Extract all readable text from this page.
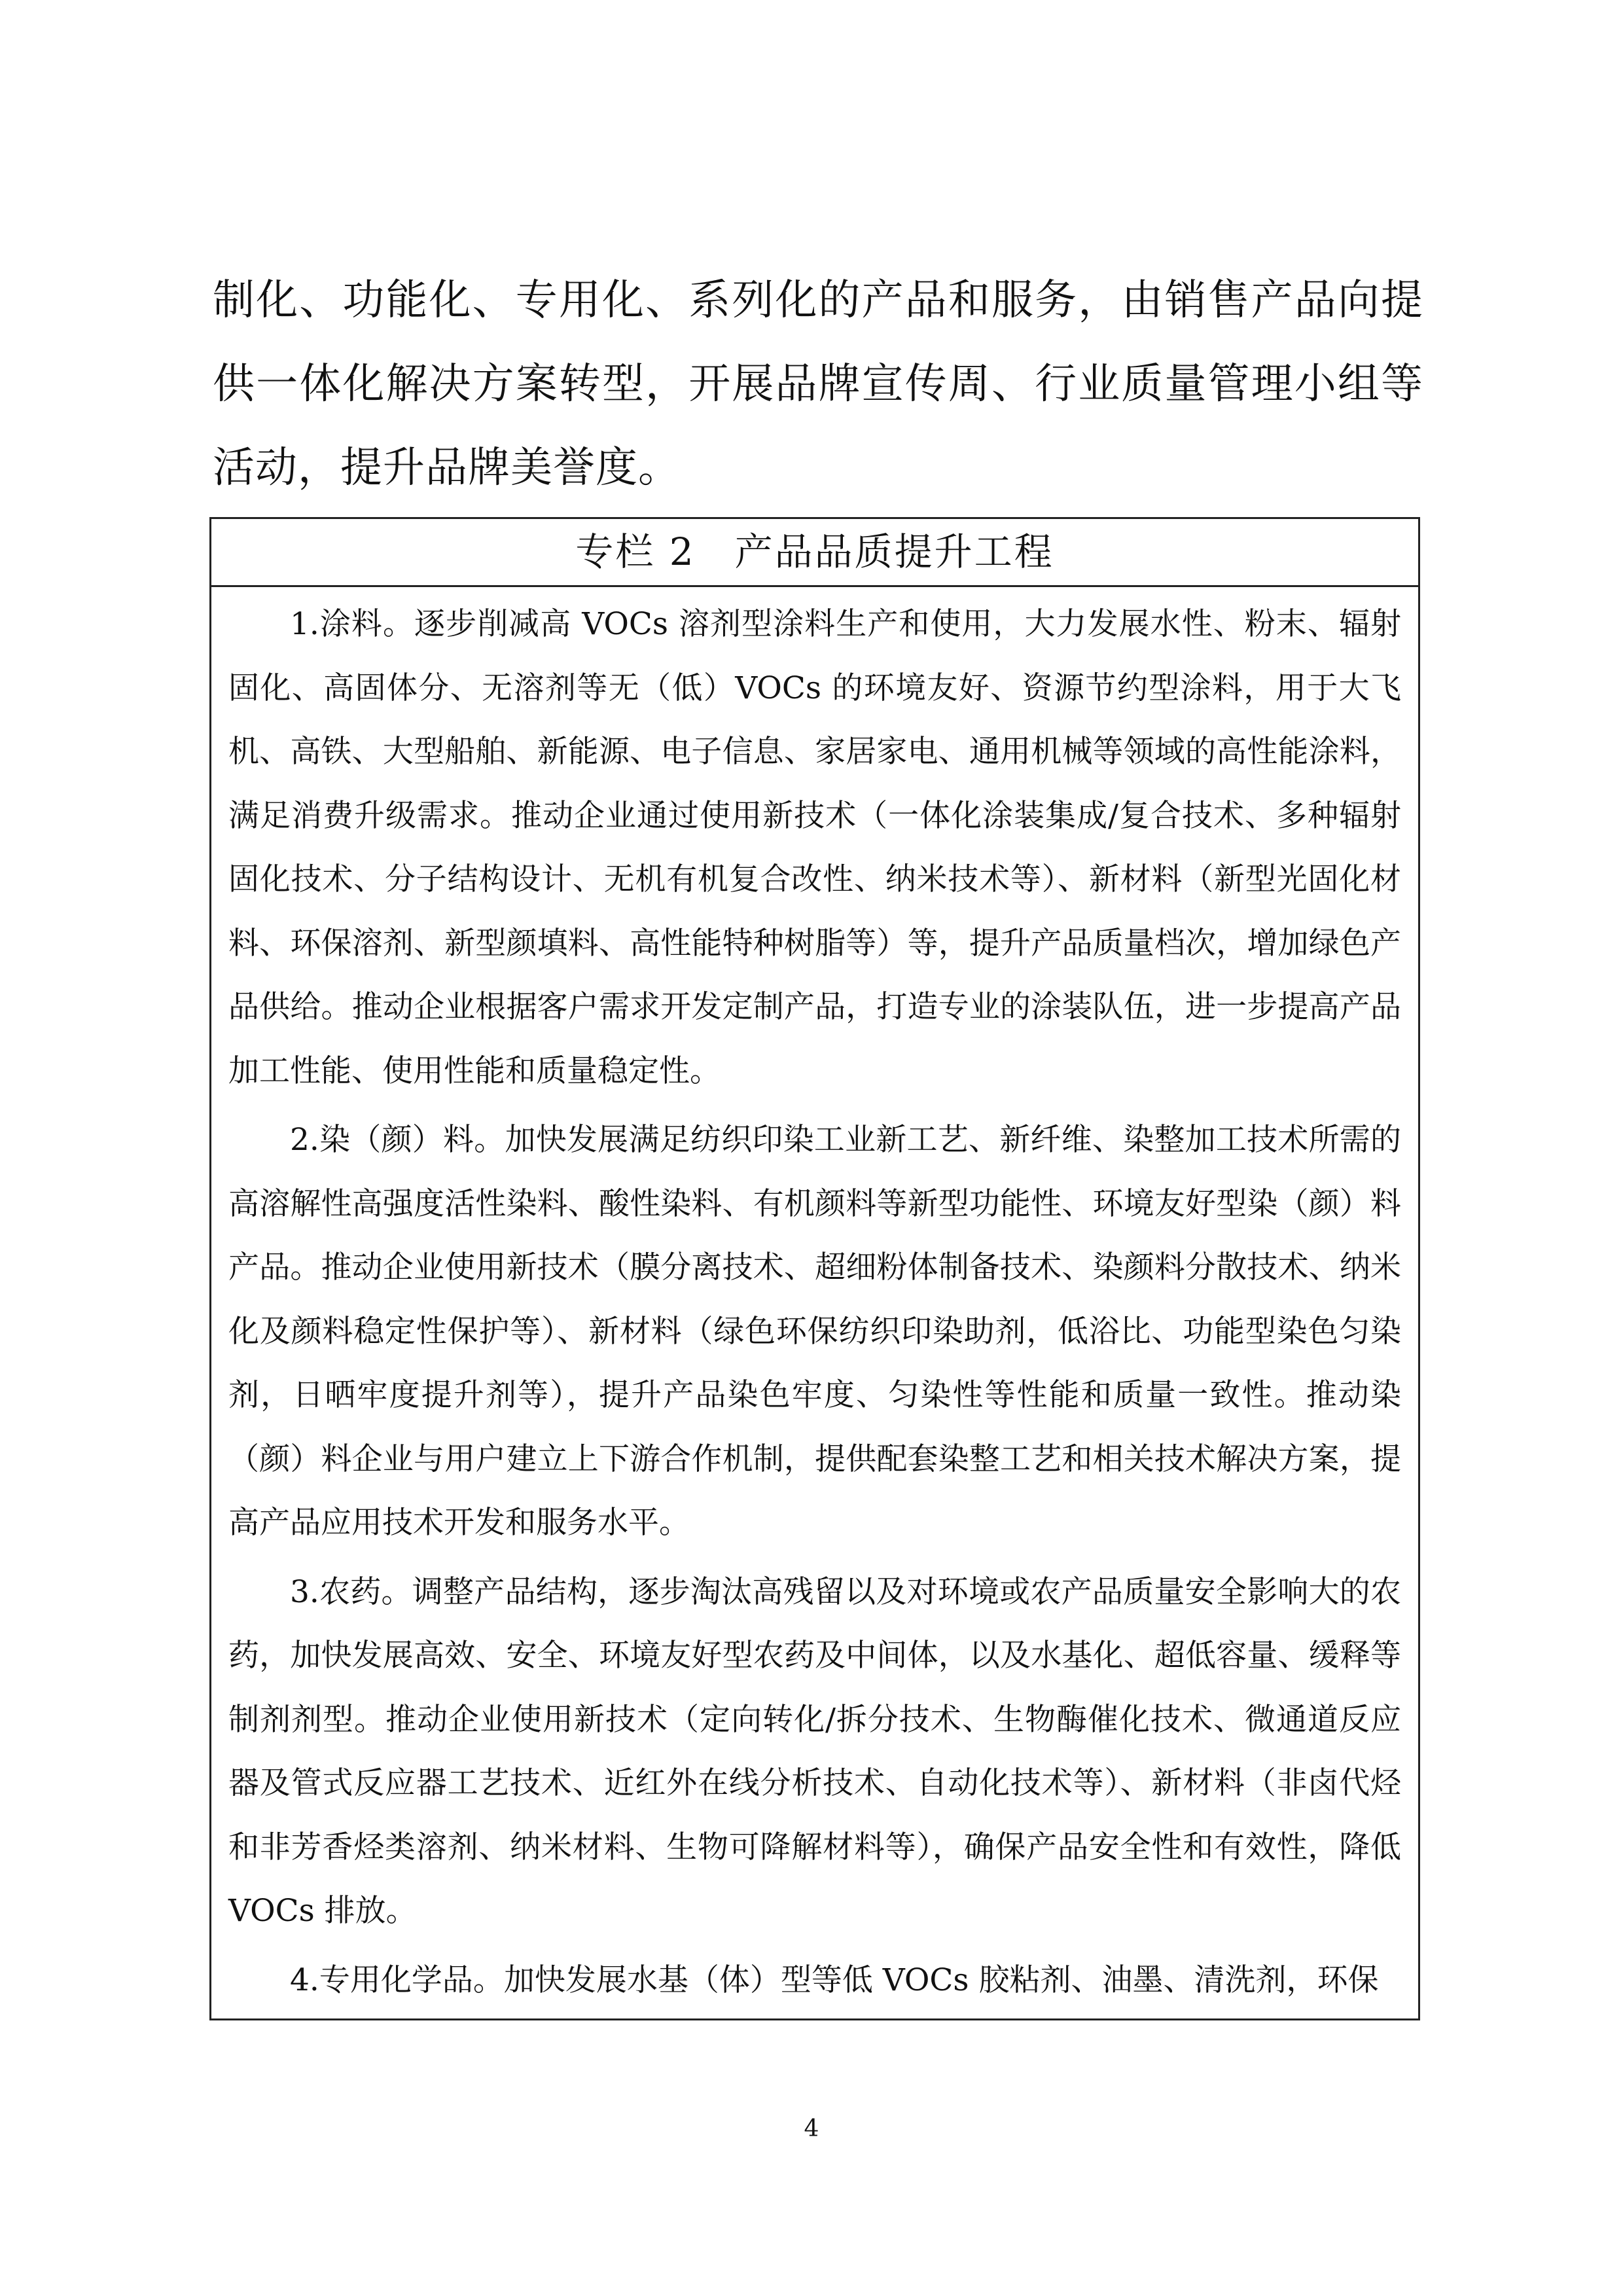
制化、功能化、专用化、系列化的产品和服务，由销售产品向提供一体化解决方案转型，开展品牌宣传周、行业质量管理小组等活动，提升品牌美誉度。

专栏 2 产品品质提升工程

1.涂料。逐步削减高 VOCs 溶剂型涂料生产和使用，大力发展水性、粉末、辐射固化、高固体分、无溶剂等无（低）VOCs 的环境友好、资源节约型涂料，用于大飞机、高铁、大型船舶、新能源、电子信息、家居家电、通用机械等领域的高性能涂料，满足消费升级需求。推动企业通过使用新技术（一体化涂装集成/复合技术、多种辐射固化技术、分子结构设计、无机有机复合改性、纳米技术等）、新材料（新型光固化材料、环保溶剂、新型颜填料、高性能特种树脂等）等，提升产品质量档次，增加绿色产品供给。推动企业根据客户需求开发定制产品，打造专业的涂装队伍，进一步提高产品加工性能、使用性能和质量稳定性。

2.染（颜）料。加快发展满足纺织印染工业新工艺、新纤维、染整加工技术所需的高溶解性高强度活性染料、酸性染料、有机颜料等新型功能性、环境友好型染（颜）料产品。推动企业使用新技术（膜分离技术、超细粉体制备技术、染颜料分散技术、纳米化及颜料稳定性保护等）、新材料（绿色环保纺织印染助剂，低浴比、功能型染色匀染剂，日晒牢度提升剂等），提升产品染色牢度、匀染性等性能和质量一致性。推动染（颜）料企业与用户建立上下游合作机制，提供配套染整工艺和相关技术解决方案，提高产品应用技术开发和服务水平。

3.农药。调整产品结构，逐步淘汰高残留以及对环境或农产品质量安全影响大的农药，加快发展高效、安全、环境友好型农药及中间体，以及水基化、超低容量、缓释等制剂剂型。推动企业使用新技术（定向转化/拆分技术、生物酶催化技术、微通道反应器及管式反应器工艺技术、近红外在线分析技术、自动化技术等）、新材料（非卤代烃和非芳香烃类溶剂、纳米材料、生物可降解材料等），确保产品安全性和有效性，降低 VOCs 排放。

4.专用化学品。加快发展水基（体）型等低 VOCs 胶粘剂、油墨、清洗剂，环保

4
